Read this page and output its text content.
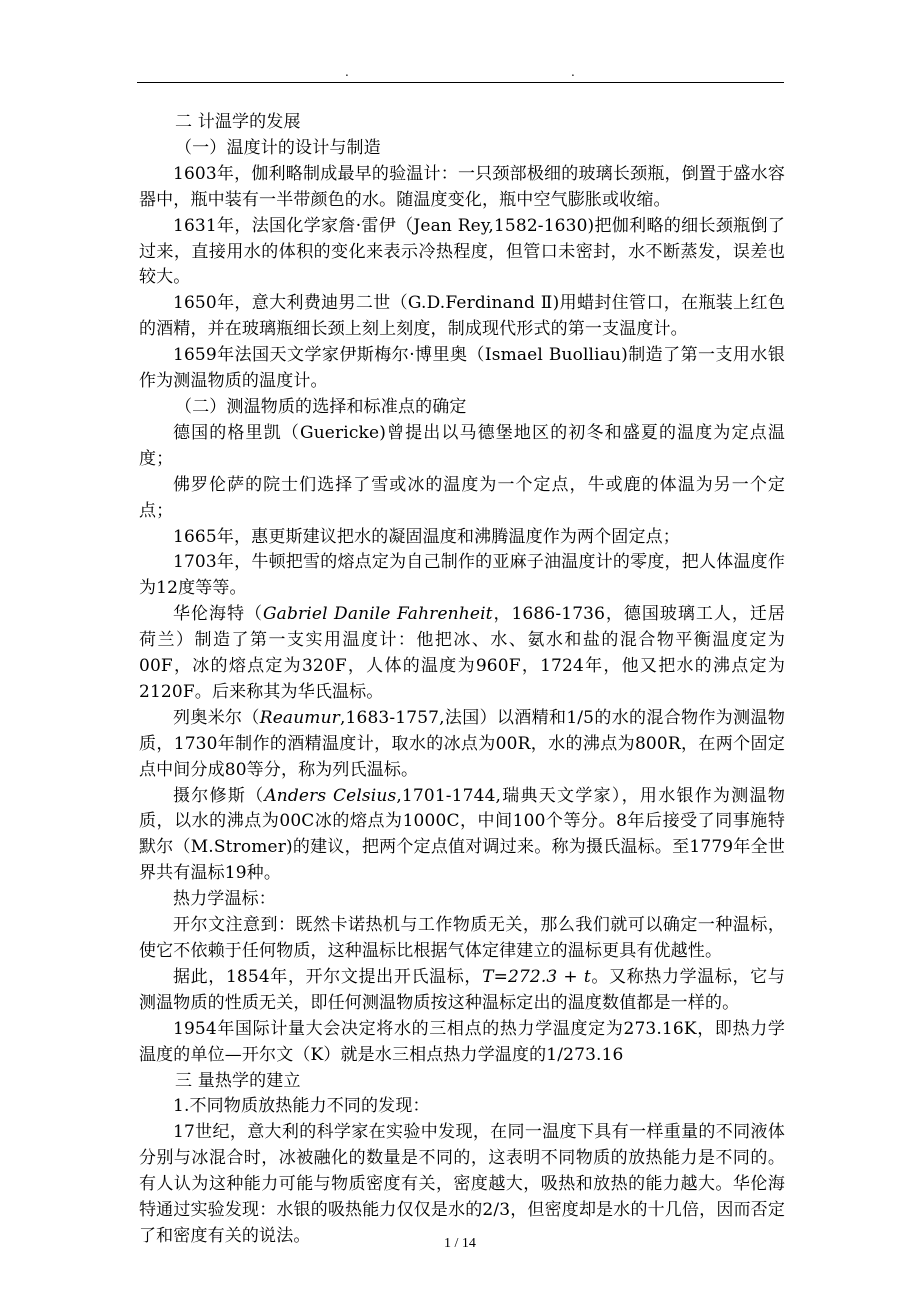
.	.

二 计温学的发展

（一）温度计的设计与制造

1603年，伽利略制成最早的验温计：一只颈部极细的玻璃长颈瓶，倒置于盛水容器中，瓶中装有一半带颜色的水。随温度变化，瓶中空气膨胀或收缩。

1631年，法国化学家詹·雷伊（Jean Rey,1582-1630)把伽利略的细长颈瓶倒了过来，直接用水的体积的变化来表示冷热程度，但管口未密封，水不断蒸发，误差也较大。

1650年，意大利费迪男二世（G.D.Ferdinand Ⅱ)用蜡封住管口，在瓶装上红色的酒精，并在玻璃瓶细长颈上刻上刻度，制成现代形式的第一支温度计。

1659年法国天文学家伊斯梅尔·博里奥（Ismael Buolliau)制造了第一支用水银作为测温物质的温度计。

（二）测温物质的选择和标准点的确定

德国的格里凯（Guericke)曾提出以马德堡地区的初冬和盛夏的温度为定点温度；

佛罗伦萨的院士们选择了雪或冰的温度为一个定点，牛或鹿的体温为另一个定点；

1665年，惠更斯建议把水的凝固温度和沸腾温度作为两个固定点；

1703年，牛顿把雪的熔点定为自己制作的亚麻子油温度计的零度，把人体温度作为12度等等。

华伦海特（Gabriel Danile Fahrenheit，1686-1736，德国玻璃工人，迁居荷兰）制造了第一支实用温度计：他把冰、水、氨水和盐的混合物平衡温度定为00F，冰的熔点定为320F，人体的温度为960F，1724年，他又把水的沸点定为2120F。后来称其为华氏温标。

列奥米尔（Reaumur,1683-1757,法国）以酒精和1/5的水的混合物作为测温物质，1730年制作的酒精温度计，取水的冰点为00R，水的沸点为800R，在两个固定点中间分成80等分，称为列氏温标。

摄尔修斯（Anders Celsius,1701-1744,瑞典天文学家），用水银作为测温物质，以水的沸点为00C冰的熔点为1000C，中间100个等分。8年后接受了同事施特默尔（M.Stromer)的建议，把两个定点值对调过来。称为摄氏温标。至1779年全世界共有温标19种。

热力学温标：

开尔文注意到：既然卡诺热机与工作物质无关，那么我们就可以确定一种温标，使它不依赖于任何物质，这种温标比根据气体定律建立的温标更具有优越性。

据此，1854年，开尔文提出开氏温标，T=272.3 + t。又称热力学温标，它与测温物质的性质无关，即任何测温物质按这种温标定出的温度数值都是一样的。

1954年国际计量大会决定将水的三相点的热力学温度定为273.16K，即热力学温度的单位—开尔文（K）就是水三相点热力学温度的1/273.16

三 量热学的建立

1.不同物质放热能力不同的发现：

17世纪，意大利的科学家在实验中发现，在同一温度下具有一样重量的不同液体分别与冰混合时，冰被融化的数量是不同的，这表明不同物质的放热能力是不同的。有人认为这种能力可能与物质密度有关，密度越大，吸热和放热的能力越大。华伦海特通过实验发现：水银的吸热能力仅仅是水的2/3，但密度却是水的十几倍，因而否定了和密度有关的说法。	1 / 14
